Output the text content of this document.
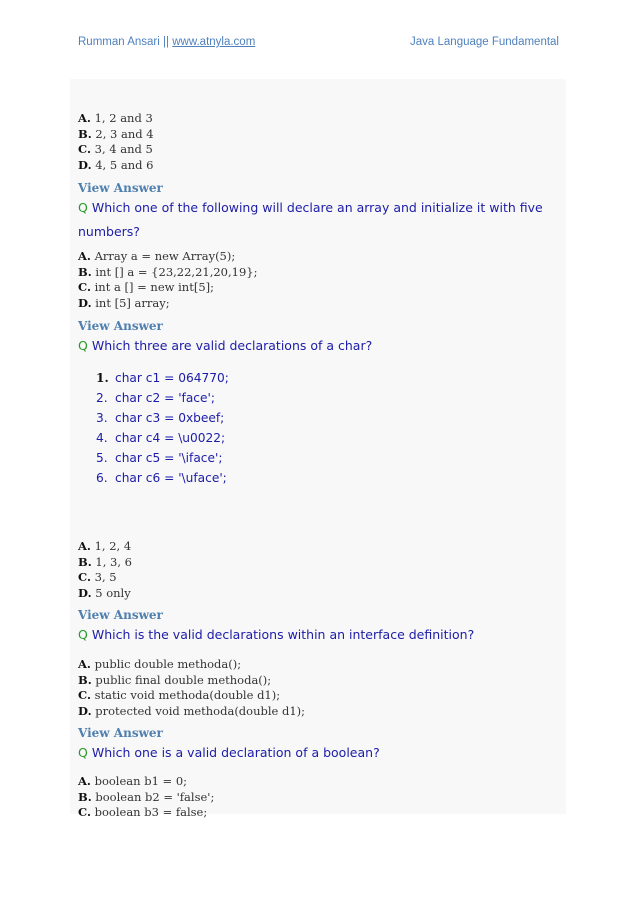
Rumman Ansari || www.atnyla.com	Java Language Fundamental
A. 1, 2 and 3
B. 2, 3 and 4
C. 3, 4 and 5
D. 4, 5 and 6
View Answer
Q Which one of the following will declare an array and initialize it with five numbers?
A. Array a = new Array(5);
B. int [] a = {23,22,21,20,19};
C. int a [] = new int[5];
D. int [5] array;
View Answer
Q Which three are valid declarations of a char?
1. char c1 = 064770;
2. char c2 = 'face';
3. char c3 = 0xbeef;
4. char c4 = \u0022;
5. char c5 = '\iface';
6. char c6 = '\uface';
A. 1, 2, 4
B. 1, 3, 6
C. 3, 5
D. 5 only
View Answer
Q Which is the valid declarations within an interface definition?
A. public double methoda();
B. public final double methoda();
C. static void methoda(double d1);
D. protected void methoda(double d1);
View Answer
Q Which one is a valid declaration of a boolean?
A. boolean b1 = 0;
B. boolean b2 = 'false';
C. boolean b3 = false;
